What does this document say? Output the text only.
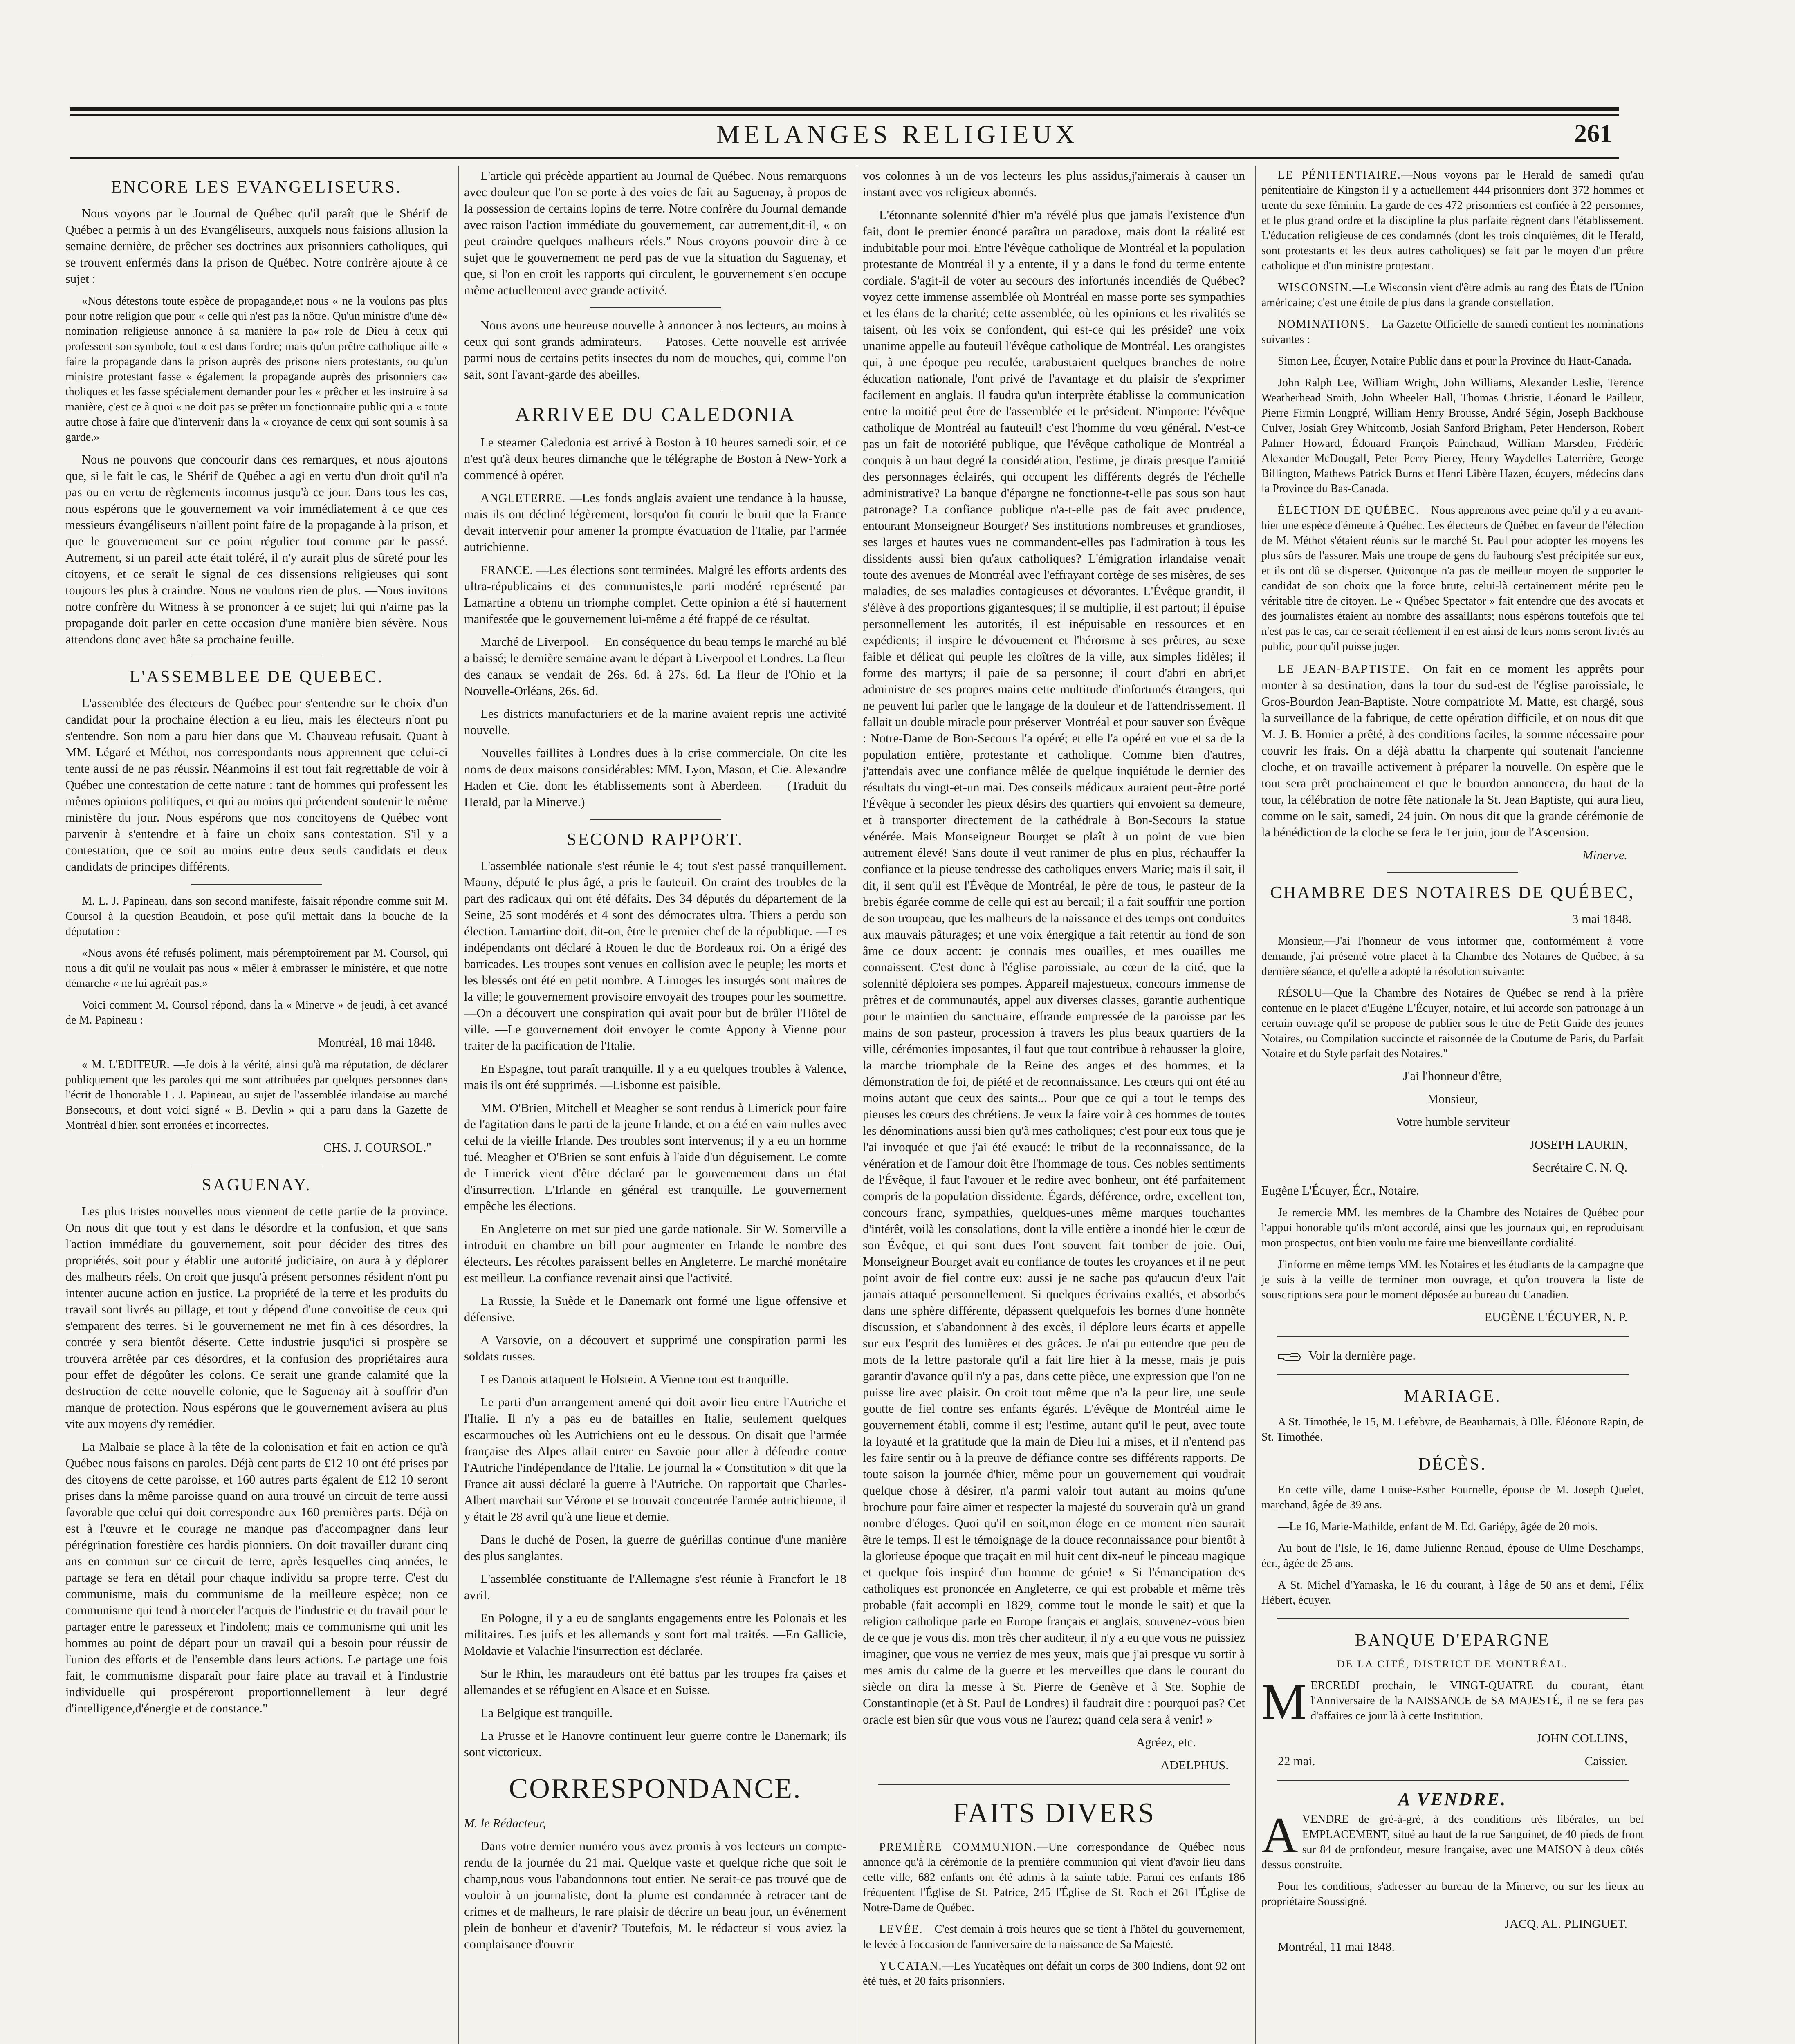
MELANGES RELIGIEUX	261
ENCORE LES EVANGELISEURS.

Nous voyons par le Journal de Québec qu'il paraît que le Shérif de Québec a permis à un des Evangéliseurs, auxquels nous faisions allusion la semaine dernière, de prêcher ses doctrines aux prisonniers catholiques, qui se trouvent enfermés dans la prison de Québec. Notre confrère ajoute à ce sujet :

«Nous détestons toute espèce de propagande,et nous « ne la voulons pas plus pour notre religion que pour « celle qui n'est pas la nôtre. Qu'un ministre d'une dé« nomination religieuse annonce à sa manière la pa« role de Dieu à ceux qui professent son symbole, tout « est dans l'ordre; mais qu'un prêtre catholique aille « faire la propagande dans la prison auprès des prison« niers protestants, ou qu'un ministre protestant fasse « également la propagande auprès des prisonniers ca« tholiques et les fasse spécialement demander pour les « prêcher et les instruire à sa manière, c'est ce à quoi « ne doit pas se prêter un fonctionnaire public qui a « toute autre chose à faire que d'intervenir dans la « croyance de ceux qui sont soumis à sa garde.»

Nous ne pouvons que concourir dans ces remarques, et nous ajoutons que, si le fait le cas, le Shérif de Québec a agi en vertu d'un droit qu'il n'a pas ou en vertu de règlements inconnus jusqu'à ce jour. Dans tous les cas, nous espérons que le gouvernement va voir immédiatement à ce que ces messieurs évangéliseurs n'aillent point faire de la propagande à la prison, et que le gouvernement sur ce point régulier tout comme par le passé. Autrement, si un pareil acte était toléré, il n'y aurait plus de sûreté pour les citoyens, et ce serait le signal de ces dissensions religieuses qui sont toujours les plus à craindre. Nous ne voulons rien de plus. —Nous invitons notre confrère du Witness à se prononcer à ce sujet; lui qui n'aime pas la propagande doit parler en cette occasion d'une manière bien sévère. Nous attendons donc avec hâte sa prochaine feuille.

L'ASSEMBLEE DE QUEBEC.

L'assemblée des électeurs de Québec pour s'entendre sur le choix d'un candidat pour la prochaine élection a eu lieu, mais les électeurs n'ont pu s'entendre. Son nom a paru hier dans que M. Chauveau refusait. Quant à MM. Légaré et Méthot, nos correspondants nous apprennent que celui-ci tente aussi de ne pas réussir. Néanmoins il est tout fait regrettable de voir à Québec une contestation de cette nature : tant de hommes qui professent les mêmes opinions politiques, et qui au moins qui prétendent soutenir le même ministère du jour. Nous espérons que nos concitoyens de Québec vont parvenir à s'entendre et à faire un choix sans contestation. S'il y a contestation, que ce soit au moins entre deux seuls candidats et deux candidats de principes différents.

M. L. J. Papineau, dans son second manifeste, faisait répondre comme suit M. Coursol à la question Beaudoin, et pose qu'il mettait dans la bouche de la députation :

«Nous avons été refusés poliment, mais péremptoirement par M. Coursol, qui nous a dit qu'il ne voulait pas nous « mêler à embrasser le ministère, et que notre démarche « ne lui agréait pas.»

Voici comment M. Coursol répond, dans la « Minerve » de jeudi, à cet avancé de M. Papineau :

Montréal, 18 mai 1848.

« M. L'EDITEUR. —Je dois à la vérité, ainsi qu'à ma réputation, de déclarer publiquement que les paroles qui me sont attribuées par quelques personnes dans l'écrit de l'honorable L. J. Papineau, au sujet de l'assemblée irlandaise au marché Bonsecours, et dont voici signé « B. Devlin » qui a paru dans la Gazette de Montréal d'hier, sont erronées et incorrectes.

CHS. J. COURSOL."

SAGUENAY.

Les plus tristes nouvelles nous viennent de cette partie de la province. On nous dit que tout y est dans le désordre et la confusion, et que sans l'action immédiate du gouvernement, soit pour décider des titres des propriétés, soit pour y établir une autorité judiciaire, on aura à y déplorer des malheurs réels. On croit que jusqu'à présent personnes résident n'ont pu intenter aucune action en justice. La propriété de la terre et les produits du travail sont livrés au pillage, et tout y dépend d'une convoitise de ceux qui s'emparent des terres. Si le gouvernement ne met fin à ces désordres, la contrée y sera bientôt déserte. Cette industrie jusqu'ici si prospère se trouvera arrêtée par ces désordres, et la confusion des propriétaires aura pour effet de dégoûter les colons. Ce serait une grande calamité que la destruction de cette nouvelle colonie, que le Saguenay ait à souffrir d'un manque de protection. Nous espérons que le gouvernement avisera au plus vite aux moyens d'y remédier.

La Malbaie se place à la tête de la colonisation et fait en action ce qu'à Québec nous faisons en paroles. Déjà cent parts de £12 10 ont été prises par des citoyens de cette paroisse, et 160 autres parts égalent de £12 10 seront prises dans la même paroisse quand on aura trouvé un circuit de terre aussi favorable que celui qui doit correspondre aux 160 premières parts. Déjà on est à l'œuvre et le courage ne manque pas d'accompagner dans leur pérégrination forestière ces hardis pionniers. On doit travailler durant cinq ans en commun sur ce circuit de terre, après lesquelles cinq années, le partage se fera en détail pour chaque individu sa propre terre. C'est du communisme, mais du communisme de la meilleure espèce; non ce communisme qui tend à morceler l'acquis de l'industrie et du travail pour le partager entre le paresseux et l'indolent; mais ce communisme qui unit les hommes au point de départ pour un travail qui a besoin pour réussir de l'union des efforts et de l'ensemble dans leurs actions. Le partage une fois fait, le communisme disparaît pour faire place au travail et à l'industrie individuelle qui prospéreront proportionnellement à leur degré d'intelligence,d'énergie et de constance."

L'article qui précède appartient au Journal de Québec. Nous remarquons avec douleur que l'on se porte à des voies de fait au Saguenay, à propos de la possession de certains lopins de terre. Notre confrère du Journal demande avec raison l'action immédiate du gouvernement, car autrement,dit-il, « on peut craindre quelques malheurs réels." Nous croyons pouvoir dire à ce sujet que le gouvernement ne perd pas de vue la situation du Saguenay, et que, si l'on en croit les rapports qui circulent, le gouvernement s'en occupe même actuellement avec grande activité.

Nous avons une heureuse nouvelle à annoncer à nos lecteurs, au moins à ceux qui sont grands admirateurs. — Patoses. Cette nouvelle est arrivée parmi nous de certains petits insectes du nom de mouches, qui, comme l'on sait, sont l'avant-garde des abeilles.

ARRIVEE DU CALEDONIA

Le steamer Caledonia est arrivé à Boston à 10 heures samedi soir, et ce n'est qu'à deux heures dimanche que le télégraphe de Boston à New-York a commencé à opérer.

ANGLETERRE. —Les fonds anglais avaient une tendance à la hausse, mais ils ont décliné légèrement, lorsqu'on fit courir le bruit que la France devait intervenir pour amener la prompte évacuation de l'Italie, par l'armée autrichienne.

FRANCE. —Les élections sont terminées. Malgré les efforts ardents des ultra-républicains et des communistes,le parti modéré représenté par Lamartine a obtenu un triomphe complet. Cette opinion a été si hautement manifestée que le gouvernement lui-même a été frappé de ce résultat.

Marché de Liverpool. —En conséquence du beau temps le marché au blé a baissé; le dernière semaine avant le départ à Liverpool et Londres. La fleur des canaux se vendait de 26s. 6d. à 27s. 6d. La fleur de l'Ohio et la Nouvelle-Orléans, 26s. 6d.

Les districts manufacturiers et de la marine avaient repris une activité nouvelle.

Nouvelles faillites à Londres dues à la crise commerciale. On cite les noms de deux maisons considérables: MM. Lyon, Mason, et Cie. Alexandre Haden et Cie. dont les établissements sont à Aberdeen. — (Traduit du Herald, par la Minerve.)

SECOND RAPPORT.

L'assemblée nationale s'est réunie le 4; tout s'est passé tranquillement. Mauny, député le plus âgé, a pris le fauteuil. On craint des troubles de la part des radicaux qui ont été défaits. Des 34 députés du département de la Seine, 25 sont modérés et 4 sont des démocrates ultra. Thiers a perdu son élection. Lamartine doit, dit-on, être le premier chef de la république. —Les indépendants ont déclaré à Rouen le duc de Bordeaux roi. On a érigé des barricades. Les troupes sont venues en collision avec le peuple; les morts et les blessés ont été en petit nombre. A Limoges les insurgés sont maîtres de la ville; le gouvernement provisoire envoyait des troupes pour les soumettre. —On a découvert une conspiration qui avait pour but de brûler l'Hôtel de ville. —Le gouvernement doit envoyer le comte Appony à Vienne pour traiter de la pacification de l'Italie.

En Espagne, tout paraît tranquille. Il y a eu quelques troubles à Valence, mais ils ont été supprimés. —Lisbonne est paisible.

MM. O'Brien, Mitchell et Meagher se sont rendus à Limerick pour faire de l'agitation dans le parti de la jeune Irlande, et on a été en vain nulles avec celui de la vieille Irlande. Des troubles sont intervenus; il y a eu un homme tué. Meagher et O'Brien se sont enfuis à l'aide d'un déguisement. Le comte de Limerick vient d'être déclaré par le gouvernement dans un état d'insurrection. L'Irlande en général est tranquille. Le gouvernement empêche les élections.

En Angleterre on met sur pied une garde nationale. Sir W. Somerville a introduit en chambre un bill pour augmenter en Irlande le nombre des électeurs. Les récoltes paraissent belles en Angleterre. Le marché monétaire est meilleur. La confiance revenait ainsi que l'activité.

La Russie, la Suède et le Danemark ont formé une ligue offensive et défensive.

A Varsovie, on a découvert et supprimé une conspiration parmi les soldats russes.

Les Danois attaquent le Holstein. A Vienne tout est tranquille.

Le parti d'un arrangement amené qui doit avoir lieu entre l'Autriche et l'Italie. Il n'y a pas eu de batailles en Italie, seulement quelques escarmouches où les Autrichiens ont eu le dessous. On disait que l'armée française des Alpes allait entrer en Savoie pour aller à défendre contre l'Autriche l'indépendance de l'Italie. Le journal la « Constitution » dit que la France ait aussi déclaré la guerre à l'Autriche. On rapportait que Charles-Albert marchait sur Vérone et se trouvait concentrée l'armée autrichienne, il y était le 28 avril qu'à une lieue et demie.

Dans le duché de Posen, la guerre de guérillas continue d'une manière des plus sanglantes.

L'assemblée constituante de l'Allemagne s'est réunie à Francfort le 18 avril.

En Pologne, il y a eu de sanglants engagements entre les Polonais et les militaires. Les juifs et les allemands y sont fort mal traités. —En Gallicie, Moldavie et Valachie l'insurrection est déclarée.

Sur le Rhin, les maraudeurs ont été battus par les troupes fra çaises et allemandes et se réfugient en Alsace et en Suisse.

La Belgique est tranquille.

La Prusse et le Hanovre continuent leur guerre contre le Danemark; ils sont victorieux.

CORRESPONDANCE.

M. le Rédacteur,

Dans votre dernier numéro vous avez promis à vos lecteurs un compte-rendu de la journée du 21 mai. Quelque vaste et quelque riche que soit le champ,nous vous l'abandonnons tout entier. Ne serait-ce pas trouvé que de vouloir à un journaliste, dont la plume est condamnée à retracer tant de crimes et de malheurs, le rare plaisir de décrire un beau jour, un événement plein de bonheur et d'avenir? Toutefois, M. le rédacteur si vous aviez la complaisance d'ouvrir

vos colonnes à un de vos lecteurs les plus assidus,j'aimerais à causer un instant avec vos religieux abonnés.

L'étonnante solennité d'hier m'a révélé plus que jamais l'existence d'un fait, dont le premier énoncé paraîtra un paradoxe, mais dont la réalité est indubitable pour moi. Entre l'évêque catholique de Montréal et la population protestante de Montréal il y a entente, il y a dans le fond du terme entente cordiale. S'agit-il de voter au secours des infortunés incendiés de Québec? voyez cette immense assemblée où Montréal en masse porte ses sympathies et les élans de la charité; cette assemblée, où les opinions et les rivalités se taisent, où les voix se confondent, qui est-ce qui les préside? une voix unanime appelle au fauteuil l'évêque catholique de Montréal. Les orangistes qui, à une époque peu reculée, tarabustaient quelques branches de notre éducation nationale, l'ont privé de l'avantage et du plaisir de s'exprimer facilement en anglais. Il faudra qu'un interprète établisse la communication entre la moitié peut être de l'assemblée et le président. N'importe: l'évêque catholique de Montréal au fauteuil! c'est l'homme du vœu général. N'est-ce pas un fait de notoriété publique, que l'évêque catholique de Montréal a conquis à un haut degré la considération, l'estime, je dirais presque l'amitié des personnages éclairés, qui occupent les différents degrés de l'échelle administrative? La banque d'épargne ne fonctionne-t-elle pas sous son haut patronage? La confiance publique n'a-t-elle pas de fait avec prudence, entourant Monseigneur Bourget? Ses institutions nombreuses et grandioses, ses larges et hautes vues ne commandent-elles pas l'admiration à tous les dissidents aussi bien qu'aux catholiques? L'émigration irlandaise venait toute des avenues de Montréal avec l'effrayant cortège de ses misères, de ses maladies, de ses maladies contagieuses et dévorantes. L'Évêque grandit, il s'élève à des proportions gigantesques; il se multiplie, il est partout; il épuise personnellement les autorités, il est inépuisable en ressources et en expédients; il inspire le dévouement et l'héroïsme à ses prêtres, au sexe faible et délicat qui peuple les cloîtres de la ville, aux simples fidèles; il forme des martyrs; il paie de sa personne; il court d'abri en abri,et administre de ses propres mains cette multitude d'infortunés étrangers, qui ne peuvent lui parler que le langage de la douleur et de l'attendrissement. Il fallait un double miracle pour préserver Montréal et pour sauver son Évêque : Notre-Dame de Bon-Secours l'a opéré; et elle l'a opéré en vue et sa de la population entière, protestante et catholique. Comme bien d'autres, j'attendais avec une confiance mêlée de quelque inquiétude le dernier des résultats du vingt-et-un mai. Des conseils médicaux auraient peut-être porté l'Évêque à seconder les pieux désirs des quartiers qui envoient sa demeure, et à transporter directement de la cathédrale à Bon-Secours la statue vénérée. Mais Monseigneur Bourget se plaît à un point de vue bien autrement élevé! Sans doute il veut ranimer de plus en plus, réchauffer la confiance et la pieuse tendresse des catholiques envers Marie; mais il sait, il dit, il sent qu'il est l'Évêque de Montréal, le père de tous, le pasteur de la brebis égarée comme de celle qui est au bercail; il a fait souffrir une portion de son troupeau, que les malheurs de la naissance et des temps ont conduites aux mauvais pâturages; et une voix énergique a fait retentir au fond de son âme ce doux accent: je connais mes ouailles, et mes ouailles me connaissent. C'est donc à l'église paroissiale, au cœur de la cité, que la solennité déploiera ses pompes. Appareil majestueux, concours immense de prêtres et de communautés, appel aux diverses classes, garantie authentique pour le maintien du sanctuaire, effrande empressée de la paroisse par les mains de son pasteur, procession à travers les plus beaux quartiers de la ville, cérémonies imposantes, il faut que tout contribue à rehausser la gloire, la marche triomphale de la Reine des anges et des hommes, et la démonstration de foi, de piété et de reconnaissance. Les cœurs qui ont été au moins autant que ceux des saints... Pour que ce qui a tout le temps des pieuses les cœurs des chrétiens. Je veux la faire voir à ces hommes de toutes les dénominations aussi bien qu'à mes catholiques; c'est pour eux tous que je l'ai invoquée et que j'ai été exaucé: le tribut de la reconnaissance, de la vénération et de l'amour doit être l'hommage de tous. Ces nobles sentiments de l'Évêque, il faut l'avouer et le redire avec bonheur, ont été parfaitement compris de la population dissidente. Égards, déférence, ordre, excellent ton, concours franc, sympathies, quelques-unes même marques touchantes d'intérêt, voilà les consolations, dont la ville entière a inondé hier le cœur de son Évêque, et qui sont dues l'ont souvent fait tomber de joie. Oui, Monseigneur Bourget avait eu confiance de toutes les croyances et il ne peut point avoir de fiel contre eux: aussi je ne sache pas qu'aucun d'eux l'ait jamais attaqué personnellement. Si quelques écrivains exaltés, et absorbés dans une sphère différente, dépassent quelquefois les bornes d'une honnête discussion, et s'abandonnent à des excès, il déplore leurs écarts et appelle sur eux l'esprit des lumières et des grâces. Je n'ai pu entendre que peu de mots de la lettre pastorale qu'il a fait lire hier à la messe, mais je puis garantir d'avance qu'il n'y a pas, dans cette pièce, une expression que l'on ne puisse lire avec plaisir. On croit tout même que n'a la peur lire, une seule goutte de fiel contre ses enfants égarés. L'évêque de Montréal aime le gouvernement établi, comme il est; l'estime, autant qu'il le peut, avec toute la loyauté et la gratitude que la main de Dieu lui a mises, et il n'entend pas les faire sentir ou à la preuve de défiance contre ses différents rapports. De toute saison la journée d'hier, même pour un gouvernement qui voudrait quelque chose à désirer, n'a parmi valoir tout autant au moins qu'une brochure pour faire aimer et respecter la majesté du souverain qu'à un grand nombre d'éloges. Quoi qu'il en soit,mon éloge en ce moment n'en saurait être le temps. Il est le témoignage de la douce reconnaissance pour bientôt à la glorieuse époque que traçait en mil huit cent dix-neuf le pinceau magique et quelque fois inspiré d'un homme de génie! « Si l'émancipation des catholiques est prononcée en Angleterre, ce qui est probable et même très probable (fait accompli en 1829, comme tout le monde le sait) et que la religion catholique parle en Europe français et anglais, souvenez-vous bien de ce que je vous dis. mon très cher auditeur, il n'y a eu que vous ne puissiez imaginer, que vous ne verriez de mes yeux, mais que j'ai presque vu sortir à mes amis du calme de la guerre et les merveilles que dans le courant du siècle on dira la messe à St. Pierre de Genève et à Ste. Sophie de Constantinople (et à St. Paul de Londres) il faudrait dire : pourquoi pas? Cet oracle est bien sûr que vous vous ne l'aurez; quand cela sera à venir! »

Agréez, etc.

ADELPHUS.

FAITS DIVERS

PREMIÈRE COMMUNION.—Une correspondance de Québec nous annonce qu'à la cérémonie de la première communion qui vient d'avoir lieu dans cette ville, 682 enfants ont été admis à la sainte table. Parmi ces enfants 186 fréquentent l'Église de St. Patrice, 245 l'Église de St. Roch et 261 l'Église de Notre-Dame de Québec.

LEVÉE.—C'est demain à trois heures que se tient à l'hôtel du gouvernement, le levée à l'occasion de l'anniversaire de la naissance de Sa Majesté.

YUCATAN.—Les Yucatèques ont défait un corps de 300 Indiens, dont 92 ont été tués, et 20 faits prisonniers.

LE PÉNITENTIAIRE.—Nous voyons par le Herald de samedi qu'au pénitentiaire de Kingston il y a actuellement 444 prisonniers dont 372 hommes et trente du sexe féminin. La garde de ces 472 prisonniers est confiée à 22 personnes, et le plus grand ordre et la discipline la plus parfaite règnent dans l'établissement. L'éducation religieuse de ces condamnés (dont les trois cinquièmes, dit le Herald, sont protestants et les deux autres catholiques) se fait par le moyen d'un prêtre catholique et d'un ministre protestant.

WISCONSIN.—Le Wisconsin vient d'être admis au rang des États de l'Union américaine; c'est une étoile de plus dans la grande constellation.

NOMINATIONS.—La Gazette Officielle de samedi contient les nominations suivantes :

Simon Lee, Écuyer, Notaire Public dans et pour la Province du Haut-Canada.

John Ralph Lee, William Wright, John Williams, Alexander Leslie, Terence Weatherhead Smith, John Wheeler Hall, Thomas Christie, Léonard le Pailleur, Pierre Firmin Longpré, William Henry Brousse, André Ségin, Joseph Backhouse Culver, Josiah Grey Whitcomb, Josiah Sanford Brigham, Peter Henderson, Robert Palmer Howard, Édouard François Painchaud, William Marsden, Frédéric Alexander McDougall, Peter Perry Pierey, Henry Waydelles Laterrière, George Billington, Mathews Patrick Burns et Henri Libère Hazen, écuyers, médecins dans la Province du Bas-Canada.

ÉLECTION DE QUÉBEC.—Nous apprenons avec peine qu'il y a eu avant-hier une espèce d'émeute à Québec. Les électeurs de Québec en faveur de l'élection de M. Méthot s'étaient réunis sur le marché St. Paul pour adopter les moyens les plus sûrs de l'assurer. Mais une troupe de gens du faubourg s'est précipitée sur eux, et ils ont dû se disperser. Quiconque n'a pas de meilleur moyen de supporter le candidat de son choix que la force brute, celui-là certainement mérite peu le véritable titre de citoyen. Le « Québec Spectator » fait entendre que des avocats et des journalistes étaient au nombre des assaillants; nous espérons toutefois que tel n'est pas le cas, car ce serait réellement il en est ainsi de leurs noms seront livrés au public, pour qu'il puisse juger.

LE JEAN-BAPTISTE.—On fait en ce moment les apprêts pour monter à sa destination, dans la tour du sud-est de l'église paroissiale, le Gros-Bourdon Jean-Baptiste. Notre compatriote M. Matte, est chargé, sous la surveillance de la fabrique, de cette opération difficile, et on nous dit que M. J. B. Homier a prêté, à des conditions faciles, la somme nécessaire pour couvrir les frais. On a déjà abattu la charpente qui soutenait l'ancienne cloche, et on travaille activement à préparer la nouvelle. On espère que le tout sera prêt prochainement et que le bourdon annoncera, du haut de la tour, la célébration de notre fête nationale la St. Jean Baptiste, qui aura lieu, comme on le sait, samedi, 24 juin. On nous dit que la grande cérémonie de la bénédiction de la cloche se fera le 1er juin, jour de l'Ascension.

Minerve.

CHAMBRE DES NOTAIRES DE QUÉBEC,

3 mai 1848.

Monsieur,—J'ai l'honneur de vous informer que, conformément à votre demande, j'ai présenté votre placet à la Chambre des Notaires de Québec, à sa dernière séance, et qu'elle a adopté la résolution suivante:

RÉSOLU—Que la Chambre des Notaires de Québec se rend à la prière contenue en le placet d'Eugène L'Écuyer, notaire, et lui accorde son patronage à un certain ouvrage qu'il se propose de publier sous le titre de Petit Guide des jeunes Notaires, ou Compilation succincte et raisonnée de la Coutume de Paris, du Parfait Notaire et du Style parfait des Notaires."

J'ai l'honneur d'être,

Monsieur,

Votre humble serviteur

JOSEPH LAURIN,

Secrétaire C. N. Q.

Eugène L'Écuyer, Écr., Notaire.

Je remercie MM. les membres de la Chambre des Notaires de Québec pour l'appui honorable qu'ils m'ont accordé, ainsi que les journaux qui, en reproduisant mon prospectus, ont bien voulu me faire une bienveillante cordialité.

J'informe en même temps MM. les Notaires et les étudiants de la campagne que je suis à la veille de terminer mon ouvrage, et qu'on trouvera la liste de souscriptions sera pour le moment déposée au bureau du Canadien.

EUGÈNE L'ÉCUYER, N. P.

Voir la dernière page.

MARIAGE.

A St. Timothée, le 15, M. Lefebvre, de Beauharnais, à Dlle. Éléonore Rapin, de St. Timothée.

DÉCÈS.

En cette ville, dame Louise-Esther Fournelle, épouse de M. Joseph Quelet, marchand, âgée de 39 ans.

—Le 16, Marie-Mathilde, enfant de M. Ed. Gariépy, âgée de 20 mois.

Au bout de l'Isle, le 16, dame Julienne Renaud, épouse de Ulme Deschamps, écr., âgée de 25 ans.

A St. Michel d'Yamaska, le 16 du courant, à l'âge de 50 ans et demi, Félix Hébert, écuyer.

BANQUE D'EPARGNE
DE LA CITÉ, DISTRICT DE MONTRÉAL.

MERCREDI prochain, le VINGT-QUATRE du courant, étant l'Anniversaire de la NAISSANCE de SA MAJESTÉ, il ne se fera pas d'affaires ce jour là à cette Institution.

JOHN COLLINS,

22 mai.	Caissier.

A VENDRE.

AVENDRE de gré-à-gré, à des conditions très libérales, un bel EMPLACEMENT, situé au haut de la rue Sanguinet, de 40 pieds de front sur 84 de profondeur, mesure française, avec une MAISON à deux côtés dessus construite.

Pour les conditions, s'adresser au bureau de la Minerve, ou sur les lieux au propriétaire Soussigné.

JACQ. AL. PLINGUET.

Montréal, 11 mai 1848.
